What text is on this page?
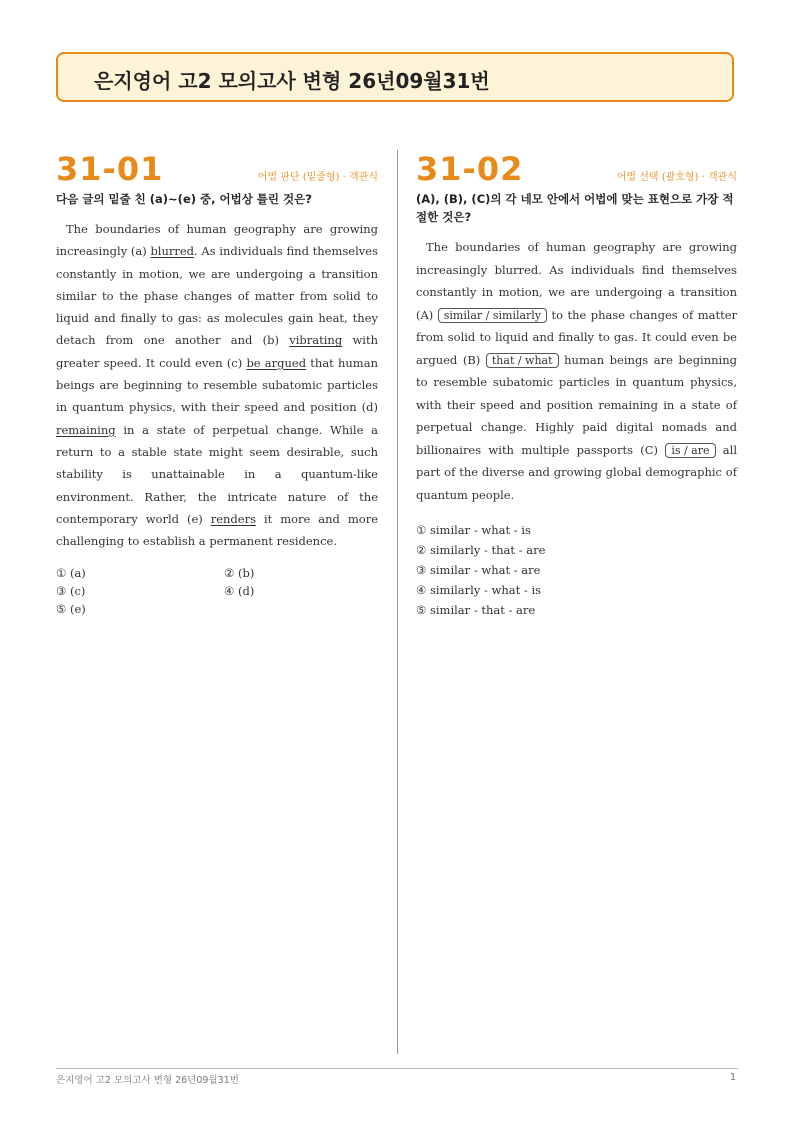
은지영어 고2 모의고사 변형 26년09월31번
31-01	어법 판단 (밑줄형) · 객관식
다음 글의 밑줄 친 (a)~(e) 중, 어법상 틀린 것은?
The boundaries of human geography are growing increasingly (a) blurred. As individuals find themselves constantly in motion, we are undergoing a transition similar to the phase changes of matter from solid to liquid and finally to gas: as molecules gain heat, they detach from one another and (b) vibrating with greater speed. It could even (c) be argued that human beings are beginning to resemble subatomic particles in quantum physics, with their speed and position (d) remaining in a state of perpetual change. While a return to a stable state might seem desirable, such stability is unattainable in a quantum-like environment. Rather, the intricate nature of the contemporary world (e) renders it more and more challenging to establish a permanent residence.
① (a)	② (b)
③ (c)	④ (d)
⑤ (e)
31-02	어법 선택 (괄호형) · 객관식
(A), (B), (C)의 각 네모 안에서 어법에 맞는 표현으로 가장 적절한 것은?
The boundaries of human geography are growing increasingly blurred. As individuals find themselves constantly in motion, we are undergoing a transition (A) similar / similarly to the phase changes of matter from solid to liquid and finally to gas. It could even be argued (B) that / what human beings are beginning to resemble subatomic particles in quantum physics, with their speed and position remaining in a state of perpetual change. Highly paid digital nomads and billionaires with multiple passports (C) is / are all part of the diverse and growing global demographic of quantum people.
① similar - what - is
② similarly - that - are
③ similar - what - are
④ similarly - what - is
⑤ similar - that - are
은지영어 고2 모의고사 변형 26년09월31번	1
